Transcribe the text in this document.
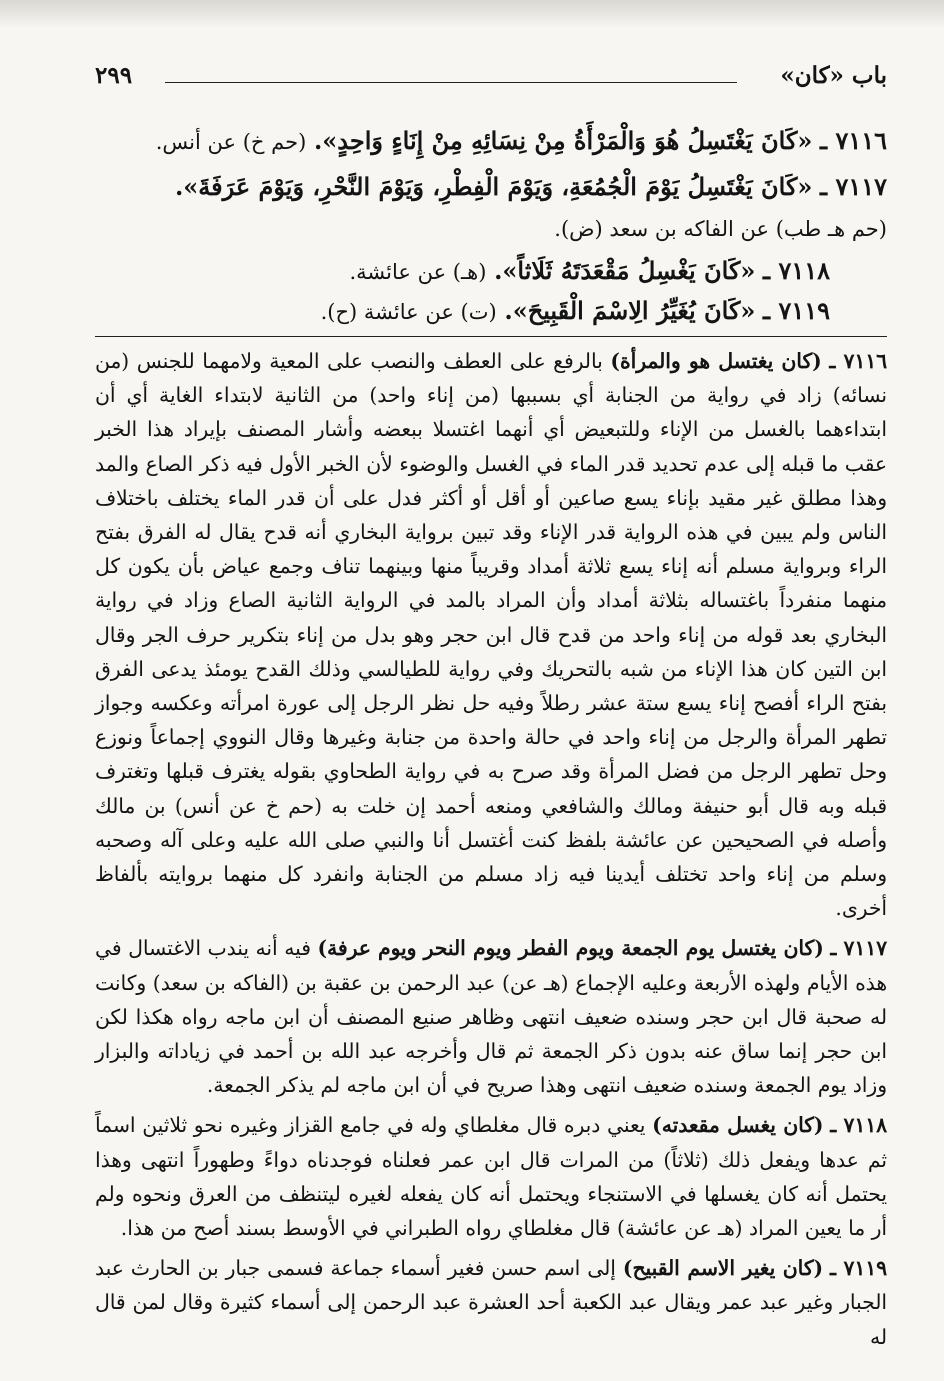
باب «كان»
٢٩٩
٧١١٦ ـ «كَانَ يَغْتَسِلُ هُوَ وَالْمَرْأَةُ مِنْ نِسَائِهِ مِنْ إِنَاءٍ وَاحِدٍ». (حم خ) عن أنس.
٧١١٧ ـ «كَانَ يَغْتَسِلُ يَوْمَ الْجُمُعَةِ، وَيَوْمَ الْفِطْرِ، وَيَوْمَ النَّحْرِ، وَيَوْمَ عَرَفَةَ».
(حم هـ طب) عن الفاكه بن سعد (ض).
٧١١٨ ـ «كَانَ يَغْسِلُ مَقْعَدَتَهُ ثَلَاثاً». (هـ) عن عائشة.
٧١١٩ ـ «كَانَ يُغَيِّرُ الِاسْمَ الْقَبِيحَ». (ت) عن عائشة (ح).

٧١١٦ ـ (كان يغتسل هو والمرأة) بالرفع على العطف والنصب على المعية ولامهما للجنس (من نسائه) زاد في رواية من الجنابة أي بسببها (من إناء واحد) من الثانية لابتداء الغاية أي أن ابتداءهما بالغسل من الإناء وللتبعيض أي أنهما اغتسلا ببعضه وأشار المصنف بإيراد هذا الخبر عقب ما قبله إلى عدم تحديد قدر الماء في الغسل والوضوء لأن الخبر الأول فيه ذكر الصاع والمد وهذا مطلق غير مقيد بإناء يسع صاعين أو أقل أو أكثر فدل على أن قدر الماء يختلف باختلاف الناس ولم يبين في هذه الرواية قدر الإناء وقد تبين برواية البخاري أنه قدح يقال له الفرق بفتح الراء وبرواية مسلم أنه إناء يسع ثلاثة أمداد وقريباً منها وبينهما تناف وجمع عياض بأن يكون كل منهما منفرداً باغتساله بثلاثة أمداد وأن المراد بالمد في الرواية الثانية الصاع وزاد في رواية البخاري بعد قوله من إناء واحد من قدح قال ابن حجر وهو بدل من إناء بتكرير حرف الجر وقال ابن التين كان هذا الإناء من شبه بالتحريك وفي رواية للطيالسي وذلك القدح يومئذ يدعى الفرق بفتح الراء أفصح إناء يسع ستة عشر رطلاً وفيه حل نظر الرجل إلى عورة امرأته وعكسه وجواز تطهر المرأة والرجل من إناء واحد في حالة واحدة من جنابة وغيرها وقال النووي إجماعاً ونوزع وحل تطهر الرجل من فضل المرأة وقد صرح به في رواية الطحاوي بقوله يغترف قبلها وتغترف قبله وبه قال أبو حنيفة ومالك والشافعي ومنعه أحمد إن خلت به (حم خ عن أنس) بن مالك وأصله في الصحيحين عن عائشة بلفظ كنت أغتسل أنا والنبي صلى الله عليه وعلى آله وصحبه وسلم من إناء واحد تختلف أيدينا فيه زاد مسلم من الجنابة وانفرد كل منهما بروايته بألفاظ أخرى.

٧١١٧ ـ (كان يغتسل يوم الجمعة ويوم الفطر ويوم النحر ويوم عرفة) فيه أنه يندب الاغتسال في هذه الأيام ولهذه الأربعة وعليه الإجماع (هـ عن) عبد الرحمن بن عقبة بن (الفاكه بن سعد) وكانت له صحبة قال ابن حجر وسنده ضعيف انتهى وظاهر صنيع المصنف أن ابن ماجه رواه هكذا لكن ابن حجر إنما ساق عنه بدون ذكر الجمعة ثم قال وأخرجه عبد الله بن أحمد في زياداته والبزار وزاد يوم الجمعة وسنده ضعيف انتهى وهذا صريح في أن ابن ماجه لم يذكر الجمعة.

٧١١٨ ـ (كان يغسل مقعدته) يعني دبره قال مغلطاي وله في جامع القزاز وغيره نحو ثلاثين اسماً ثم عدها ويفعل ذلك (ثلاثاً) من المرات قال ابن عمر فعلناه فوجدناه دواءً وطهوراً انتهى وهذا يحتمل أنه كان يغسلها في الاستنجاء ويحتمل أنه كان يفعله لغيره ليتنظف من العرق ونحوه ولم أر ما يعين المراد (هـ عن عائشة) قال مغلطاي رواه الطبراني في الأوسط بسند أصح من هذا.

٧١١٩ ـ (كان يغير الاسم القبيح) إلى اسم حسن فغير أسماء جماعة فسمى جبار بن الحارث عبد الجبار وغير عبد عمر ويقال عبد الكعبة أحد العشرة عبد الرحمن إلى أسماء كثيرة وقال لمن قال له
